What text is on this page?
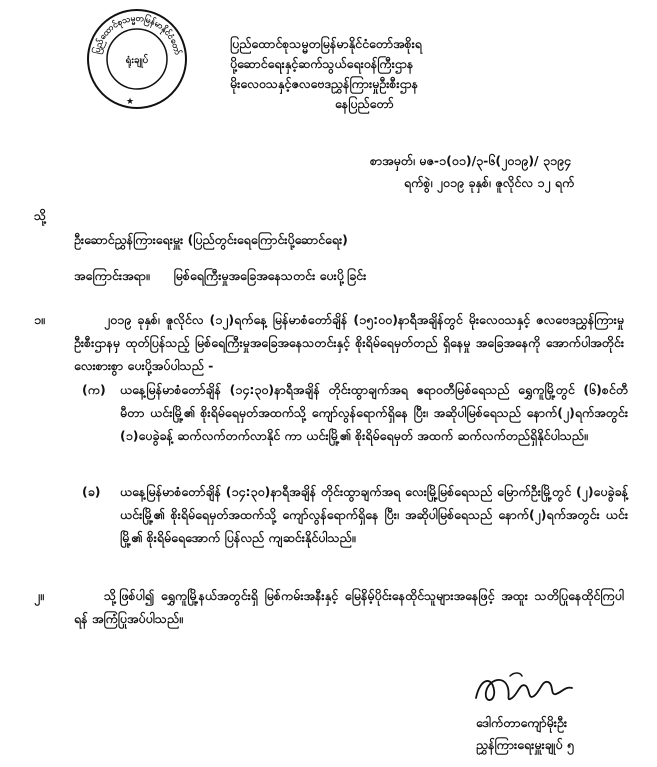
ပြည်ထောင်စုသမ္မတမြန်မာနိုင်ငံတော်
ရုံးချုပ်
★
ပြည်ထောင်စုသမ္မတမြန်မာနိုင်ငံတော်အစိုးရ
ပို့ဆောင်ရေးနှင့်ဆက်သွယ်ရေးဝန်ကြီးဌာန
မိုးလေဝသနှင့်ဇလဗေဒညွှန်ကြားမှုဦးစီးဌာန
နေပြည်တော်
စာအမှတ်၊ မဇ-၁(၀၁)/၃-၆(၂၀၁၉)/ ၃၁၉၄
ရက်စွဲ၊ ၂၀၁၉ ခုနှစ်၊ ဇူလိုင်လ ၁၂ ရက်
သို့
ဦးဆောင်ညွှန်ကြားရေးမှူး (ပြည်တွင်းရေကြောင်းပို့ဆောင်ရေး)
အကြောင်းအရာ။ မြစ်ရေကြီးမှုအခြေအနေသတင်း ပေးပို့ခြင်း
၁။	၂၀၁၉ ခုနှစ်၊ ဇူလိုင်လ (၁၂)ရက်နေ့ မြန်မာစံတော်ချိန် (၁၅:၀၀)နာရီအချိန်တွင် မိုးလေဝသနှင့် ဇလဗေဒညွှန်ကြားမှုဦးစီးဌာနမှ ထုတ်ပြန်သည့် မြစ်ရေကြီးမှုအခြေအနေသတင်းနှင့် စိုးရိမ်ရေမှတ်တည် ရှိနေမှု အခြေအနေကို အောက်ပါအတိုင်း လေးစားစွာ ပေးပို့အပ်ပါသည် -
(က) ယနေ့မြန်မာစံတော်ချိန် (၁၄:၃၀)နာရီအချိန် တိုင်းထွာချက်အရ ဧရာဝတီမြစ်ရေသည် ရွှေကူမြို့တွင် (၆)စင်တီမီတာ ယင်းမြို့၏ စိုးရိမ်ရေမှတ်အထက်သို့ ကျော်လွန်ရောက်ရှိနေ ပြီး၊ အဆိုပါမြစ်ရေသည် နောက်(၂)ရက်အတွင်း (၁)ပေခွဲခန့် ဆက်လက်တက်လာနိုင် ကာ ယင်းမြို့၏ စိုးရိမ်ရေမှတ် အထက် ဆက်လက်တည်ရှိနိုင်ပါသည်။
(ခ) ယနေ့မြန်မာစံတော်ချိန် (၁၄:၃၀)နာရီအချိန် တိုင်းထွာချက်အရ လေးမြို့မြစ်ရေသည် မြောက်ဦးမြို့တွင် (၂)ပေခွဲခန့် ယင်းမြို့၏ စိုးရိမ်ရေမှတ်အထက်သို့ ကျော်လွန်ရောက်ရှိနေ ပြီး၊ အဆိုပါမြစ်ရေသည် နောက်(၂)ရက်အတွင်း ယင်းမြို့၏ စိုးရိမ်ရေအောက် ပြန်လည် ကျဆင်းနိုင်ပါသည်။
၂။	သို့ဖြစ်ပါ၍ ရွှေကူမြို့နယ်အတွင်းရှိ မြစ်ကမ်းအနီးနှင့် မြေနိမ့်ပိုင်းနေထိုင်သူများအနေဖြင့် အထူး သတိပြုနေထိုင်ကြပါရန် အကြံပြုအပ်ပါသည်။
ဒေါက်တာကျော်မိုးဦး
ညွှန်ကြားရေးမှူးချုပ် ၅
